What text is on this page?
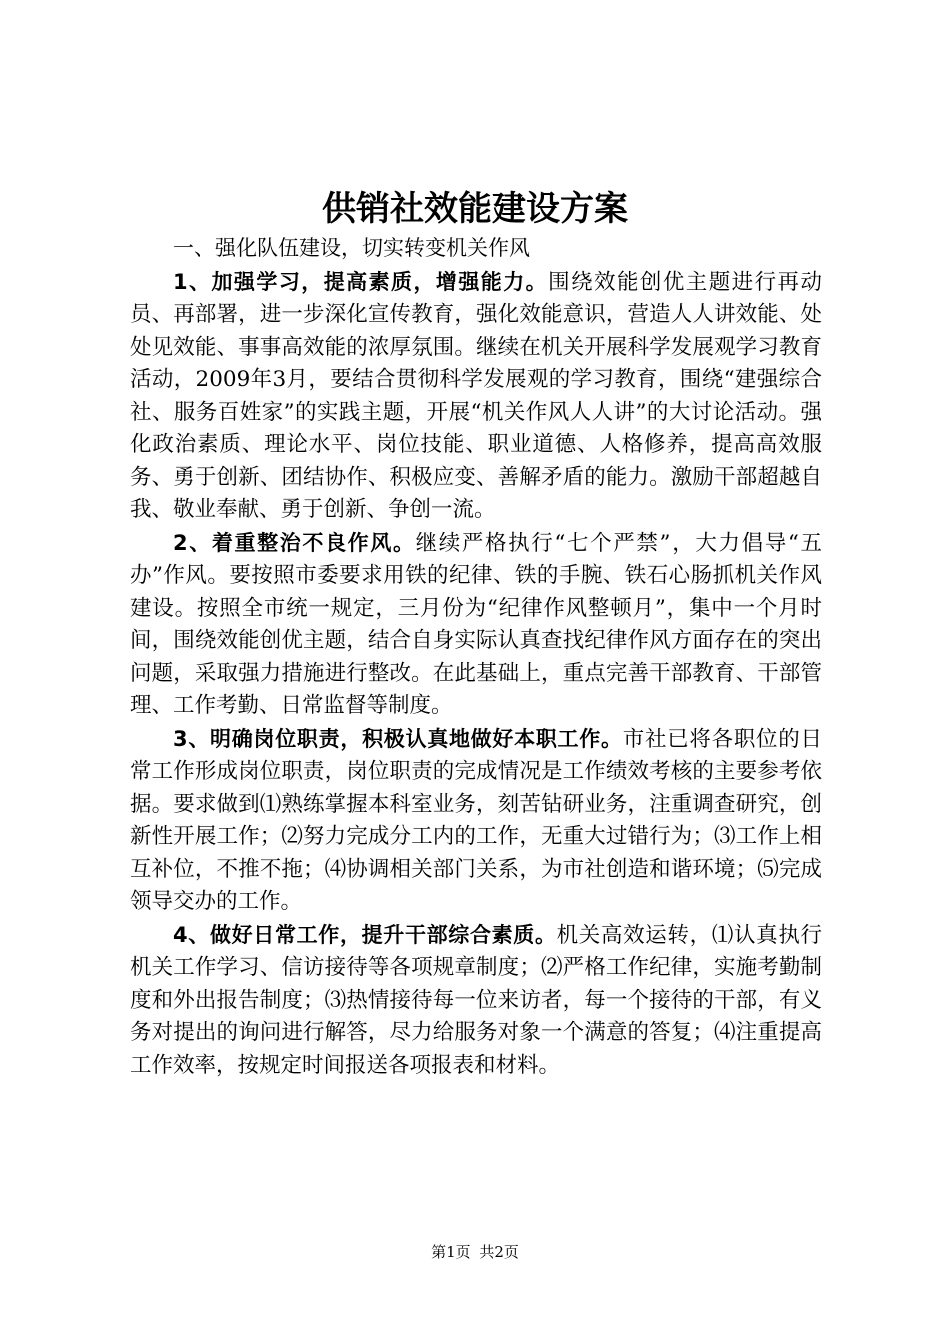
供销社效能建设方案

一、强化队伍建设，切实转变机关作风

1、加强学习，提高素质，增强能力。围绕效能创优主题进行再动员、再部署，进一步深化宣传教育，强化效能意识，营造人人讲效能、处处见效能、事事高效能的浓厚氛围。继续在机关开展科学发展观学习教育活动，2009年3月，要结合贯彻科学发展观的学习教育，围绕“建强综合社、服务百姓家”的实践主题，开展“机关作风人人讲”的大讨论活动。强化政治素质、理论水平、岗位技能、职业道德、人格修养，提高高效服务、勇于创新、团结协作、积极应变、善解矛盾的能力。激励干部超越自我、敬业奉献、勇于创新、争创一流。

2、着重整治不良作风。继续严格执行“七个严禁”，大力倡导“五办”作风。要按照市委要求用铁的纪律、铁的手腕、铁石心肠抓机关作风建设。按照全市统一规定，三月份为“纪律作风整顿月”，集中一个月时间，围绕效能创优主题，结合自身实际认真查找纪律作风方面存在的突出问题，采取强力措施进行整改。在此基础上，重点完善干部教育、干部管理、工作考勤、日常监督等制度。

3、明确岗位职责，积极认真地做好本职工作。市社已将各职位的日常工作形成岗位职责，岗位职责的完成情况是工作绩效考核的主要参考依据。要求做到⑴熟练掌握本科室业务，刻苦钻研业务，注重调查研究，创新性开展工作；⑵努力完成分工内的工作，无重大过错行为；⑶工作上相互补位，不推不拖；⑷协调相关部门关系，为市社创造和谐环境；⑸完成领导交办的工作。

4、做好日常工作，提升干部综合素质。机关高效运转，⑴认真执行机关工作学习、信访接待等各项规章制度；⑵严格工作纪律，实施考勤制度和外出报告制度；⑶热情接待每一位来访者，每一个接待的干部，有义务对提出的询问进行解答，尽力给服务对象一个满意的答复；⑷注重提高工作效率，按规定时间报送各项报表和材料。

第1页 共2页
